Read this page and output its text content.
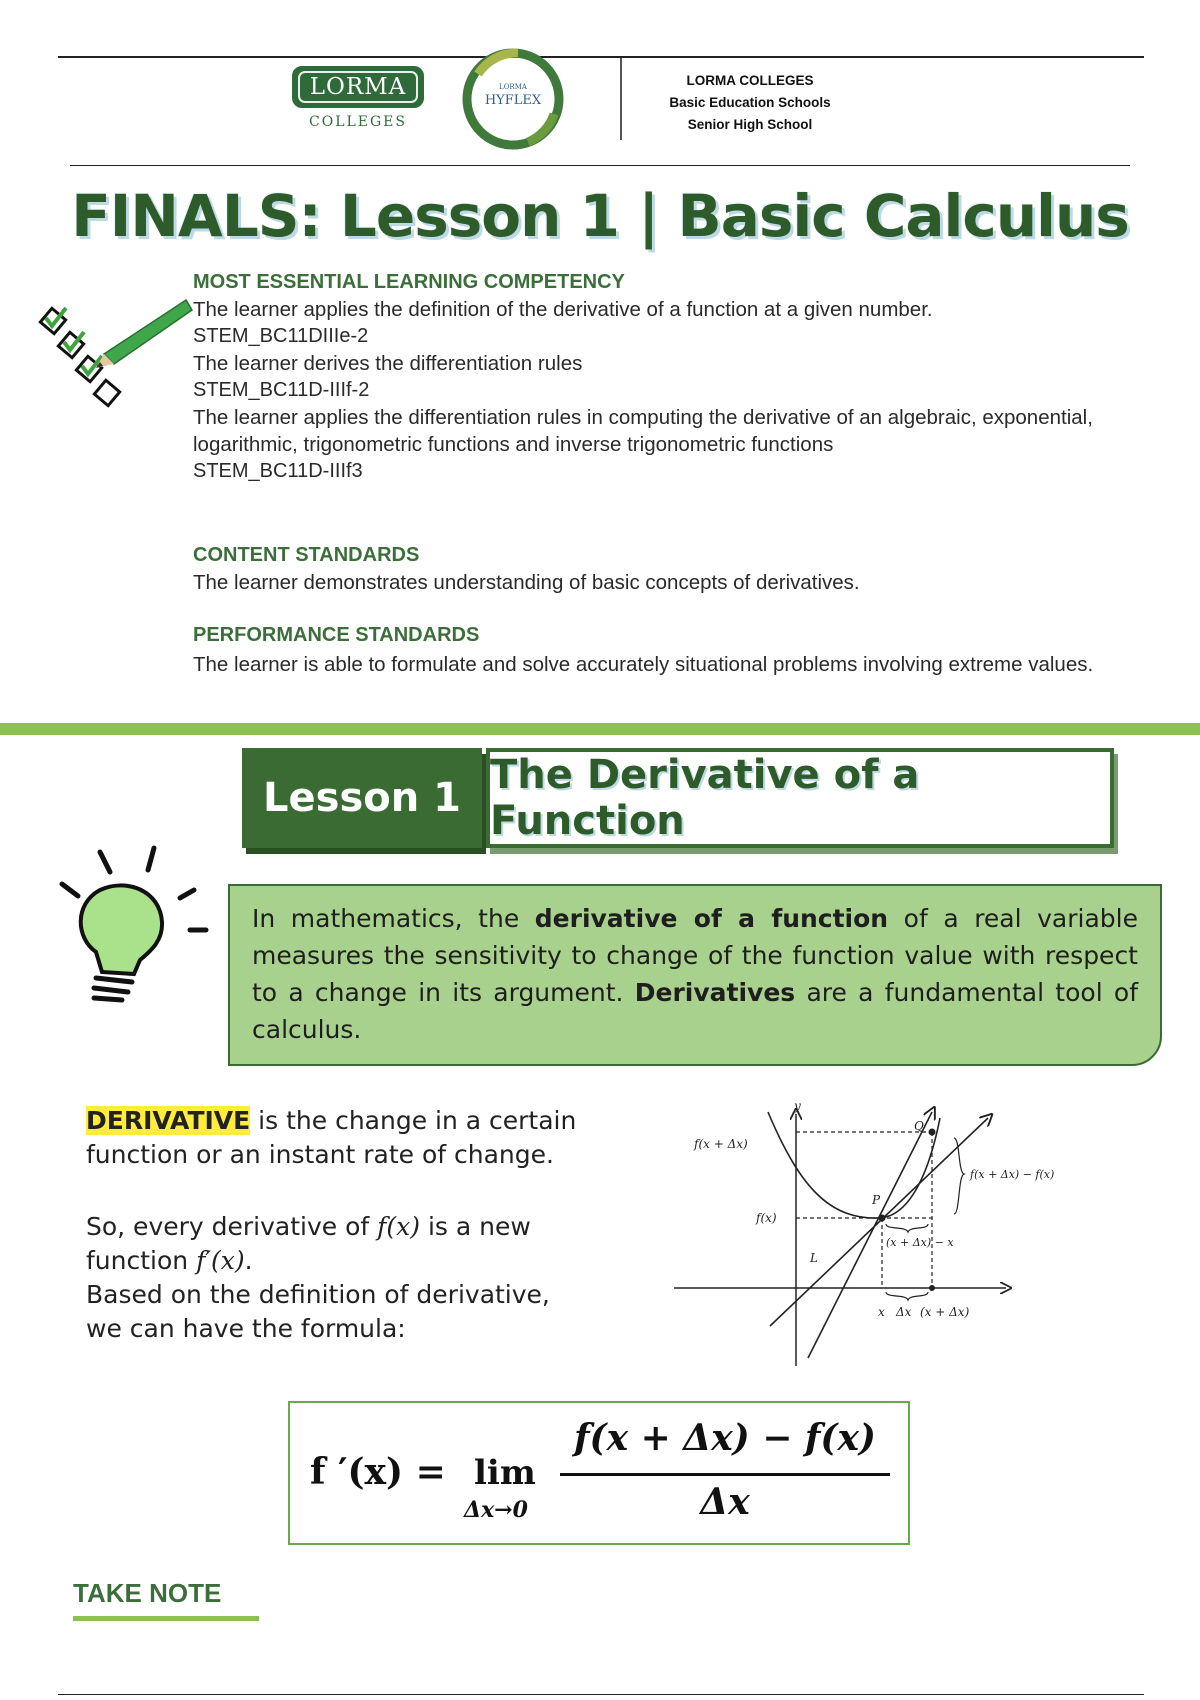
LORMA
COLLEGES
LORMA
HYFLEX
LORMA COLLEGES
Basic Education Schools
Senior High School
FINALS: Lesson 1 | Basic Calculus
MOST ESSENTIAL LEARNING COMPETENCY
The learner applies the definition of the derivative of a function at a given number.
STEM_BC11DIIIe-2
The learner derives the differentiation rules
STEM_BC11D-IIIf-2
The learner applies the differentiation rules in computing the derivative of an algebraic, exponential, logarithmic, trigonometric functions and inverse trigonometric functions
STEM_BC11D-IIIf3
CONTENT STANDARDS
The learner demonstrates understanding of basic concepts of derivatives.
PERFORMANCE STANDARDS
The learner is able to formulate and solve accurately situational problems involving extreme values.
Lesson 1 The Derivative of a Function
In mathematics, the derivative of a function of a real variable measures the sensitivity to change of the function value with respect to a change in its argument. Derivatives are a fundamental tool of calculus.
DERIVATIVE is the change in a certain
function or an instant rate of change.
So, every derivative of f(x) is a new
function f′(x).
Based on the definition of derivative,
we can have the formula:
y
f(x + Δx)
f(x)
Q
P
L
f(x + Δx) − f(x)
(x + Δx) − x
x Δx (x + Δx)
f ′(x) = lim
Δx→0
f(x + Δx) − f(x)
Δx
TAKE NOTE
